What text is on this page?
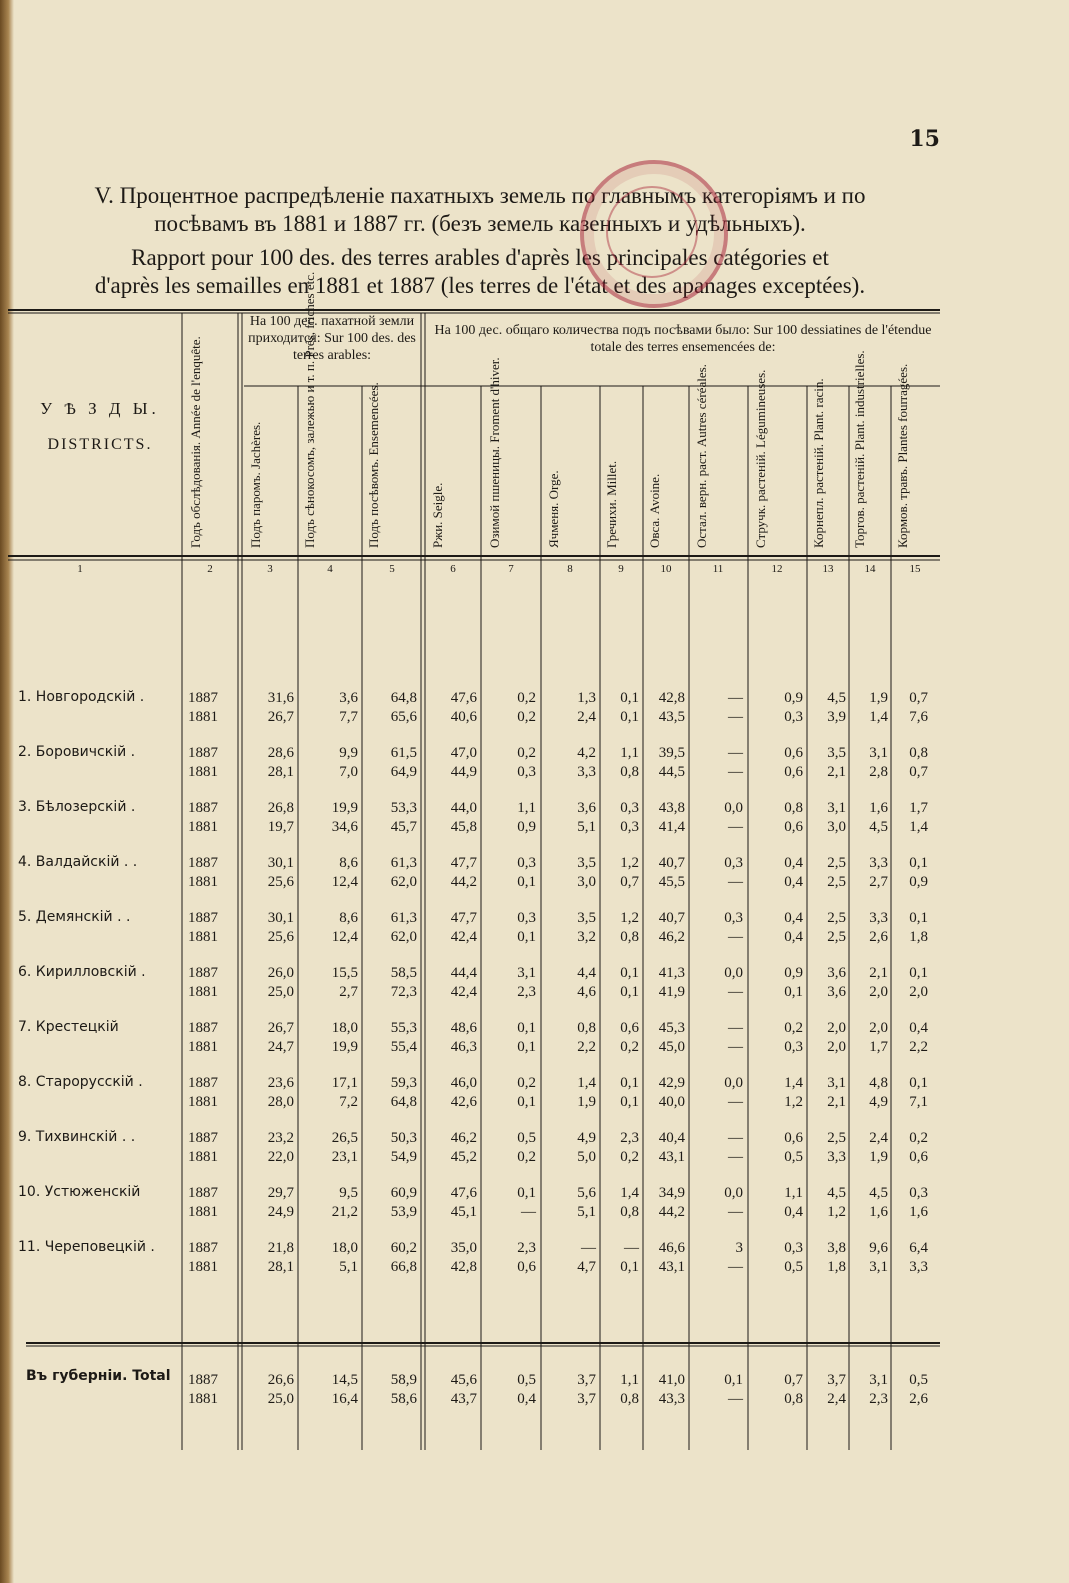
15
V. Процентное распредѣленіе пахатныхъ земель по главнымъ категоріямъ и по
посѣвамъ въ 1881 и 1887 гг. (безъ земель казенныхъ и удѣльныхъ).
Rapport pour 100 des. des terres arables d'après les principales catégories et
d'après les semailles en 1881 et 1887 (les terres de l'état et des apanages exceptées).
У Ѣ З Д Ы.
DISTRICTS.	Годъ обслѣдованія. Année de l'enquête.
На 100 дес. пахатной земли приходится: Sur 100 des. des terres arables:
На 100 дес. общаго количества подъ посѣвами было: Sur 100 dessiatines de l'étendue totale des terres ensemencées de:
Подъ паромъ. Jachères.	Подъ сѣнокосомъ, залежью и т. п. Prés, friches etc.	Подъ посѣвомъ. Ensemencées.	Ржи. Seigle.	Озимой пшеницы. Froment d'hiver.	Ячменя. Orge.	Гречихи. Millet.	Овса. Avoine.	Остал. верн. раст. Autres céréales.	Стручк. растеній. Légumineuses.	Корнепл. растеній. Plant. racin.	Торгов. растеній. Plant. industrielles.	Кормов. травъ. Plantes fourragées.
1	2	3	4	5	6	7	8	9	10	11	12	13	14	15
1. Новгородскій .	1887	31,6	3,6	64,8	47,6	0,2	1,3	0,1	42,8	—	0,9	4,5	1,9	0,7
1881	26,7	7,7	65,6	40,6	0,2	2,4	0,1	43,5	—	0,3	3,9	1,4	7,6
2. Боровичскій .	1887	28,6	9,9	61,5	47,0	0,2	4,2	1,1	39,5	—	0,6	3,5	3,1	0,8
1881	28,1	7,0	64,9	44,9	0,3	3,3	0,8	44,5	—	0,6	2,1	2,8	0,7
3. Бѣлозерскій .	1887	26,8	19,9	53,3	44,0	1,1	3,6	0,3	43,8	0,0	0,8	3,1	1,6	1,7
1881	19,7	34,6	45,7	45,8	0,9	5,1	0,3	41,4	—	0,6	3,0	4,5	1,4
4. Валдайскій . .	1887	30,1	8,6	61,3	47,7	0,3	3,5	1,2	40,7	0,3	0,4	2,5	3,3	0,1
1881	25,6	12,4	62,0	44,2	0,1	3,0	0,7	45,5	—	0,4	2,5	2,7	0,9
5. Демянскій . .	1887	30,1	8,6	61,3	47,7	0,3	3,5	1,2	40,7	0,3	0,4	2,5	3,3	0,1
1881	25,6	12,4	62,0	42,4	0,1	3,2	0,8	46,2	—	0,4	2,5	2,6	1,8
6. Кирилловскій .	1887	26,0	15,5	58,5	44,4	3,1	4,4	0,1	41,3	0,0	0,9	3,6	2,1	0,1
1881	25,0	2,7	72,3	42,4	2,3	4,6	0,1	41,9	—	0,1	3,6	2,0	2,0
7. Крестецкій	1887	26,7	18,0	55,3	48,6	0,1	0,8	0,6	45,3	—	0,2	2,0	2,0	0,4
1881	24,7	19,9	55,4	46,3	0,1	2,2	0,2	45,0	—	0,3	2,0	1,7	2,2
8. Старорусскій .	1887	23,6	17,1	59,3	46,0	0,2	1,4	0,1	42,9	0,0	1,4	3,1	4,8	0,1
1881	28,0	7,2	64,8	42,6	0,1	1,9	0,1	40,0	—	1,2	2,1	4,9	7,1
9. Тихвинскій . .	1887	23,2	26,5	50,3	46,2	0,5	4,9	2,3	40,4	—	0,6	2,5	2,4	0,2
1881	22,0	23,1	54,9	45,2	0,2	5,0	0,2	43,1	—	0,5	3,3	1,9	0,6
10. Устюженскій	1887	29,7	9,5	60,9	47,6	0,1	5,6	1,4	34,9	0,0	1,1	4,5	4,5	0,3
1881	24,9	21,2	53,9	45,1	—	5,1	0,8	44,2	—	0,4	1,2	1,6	1,6
11. Череповецкій . 1887	21,8	18,0	60,2	35,0	2,3	—	—	46,6	3	0,3	3,8	9,6	6,4
1881	28,1	5,1	66,8	42,8	0,6	4,7	0,1	43,1	—	0,5	1,8	3,1	3,3
1887	26,6	14,5	58,9	45,6	0,5	3,7	1,1	41,0	0,1	0,7	3,7	3,1	0,5
1881	25,0	16,4	58,6	43,7	0,4	3,7	0,8	43,3	—	0,8	2,4	2,3	2,6
Въ губерніи. Total
